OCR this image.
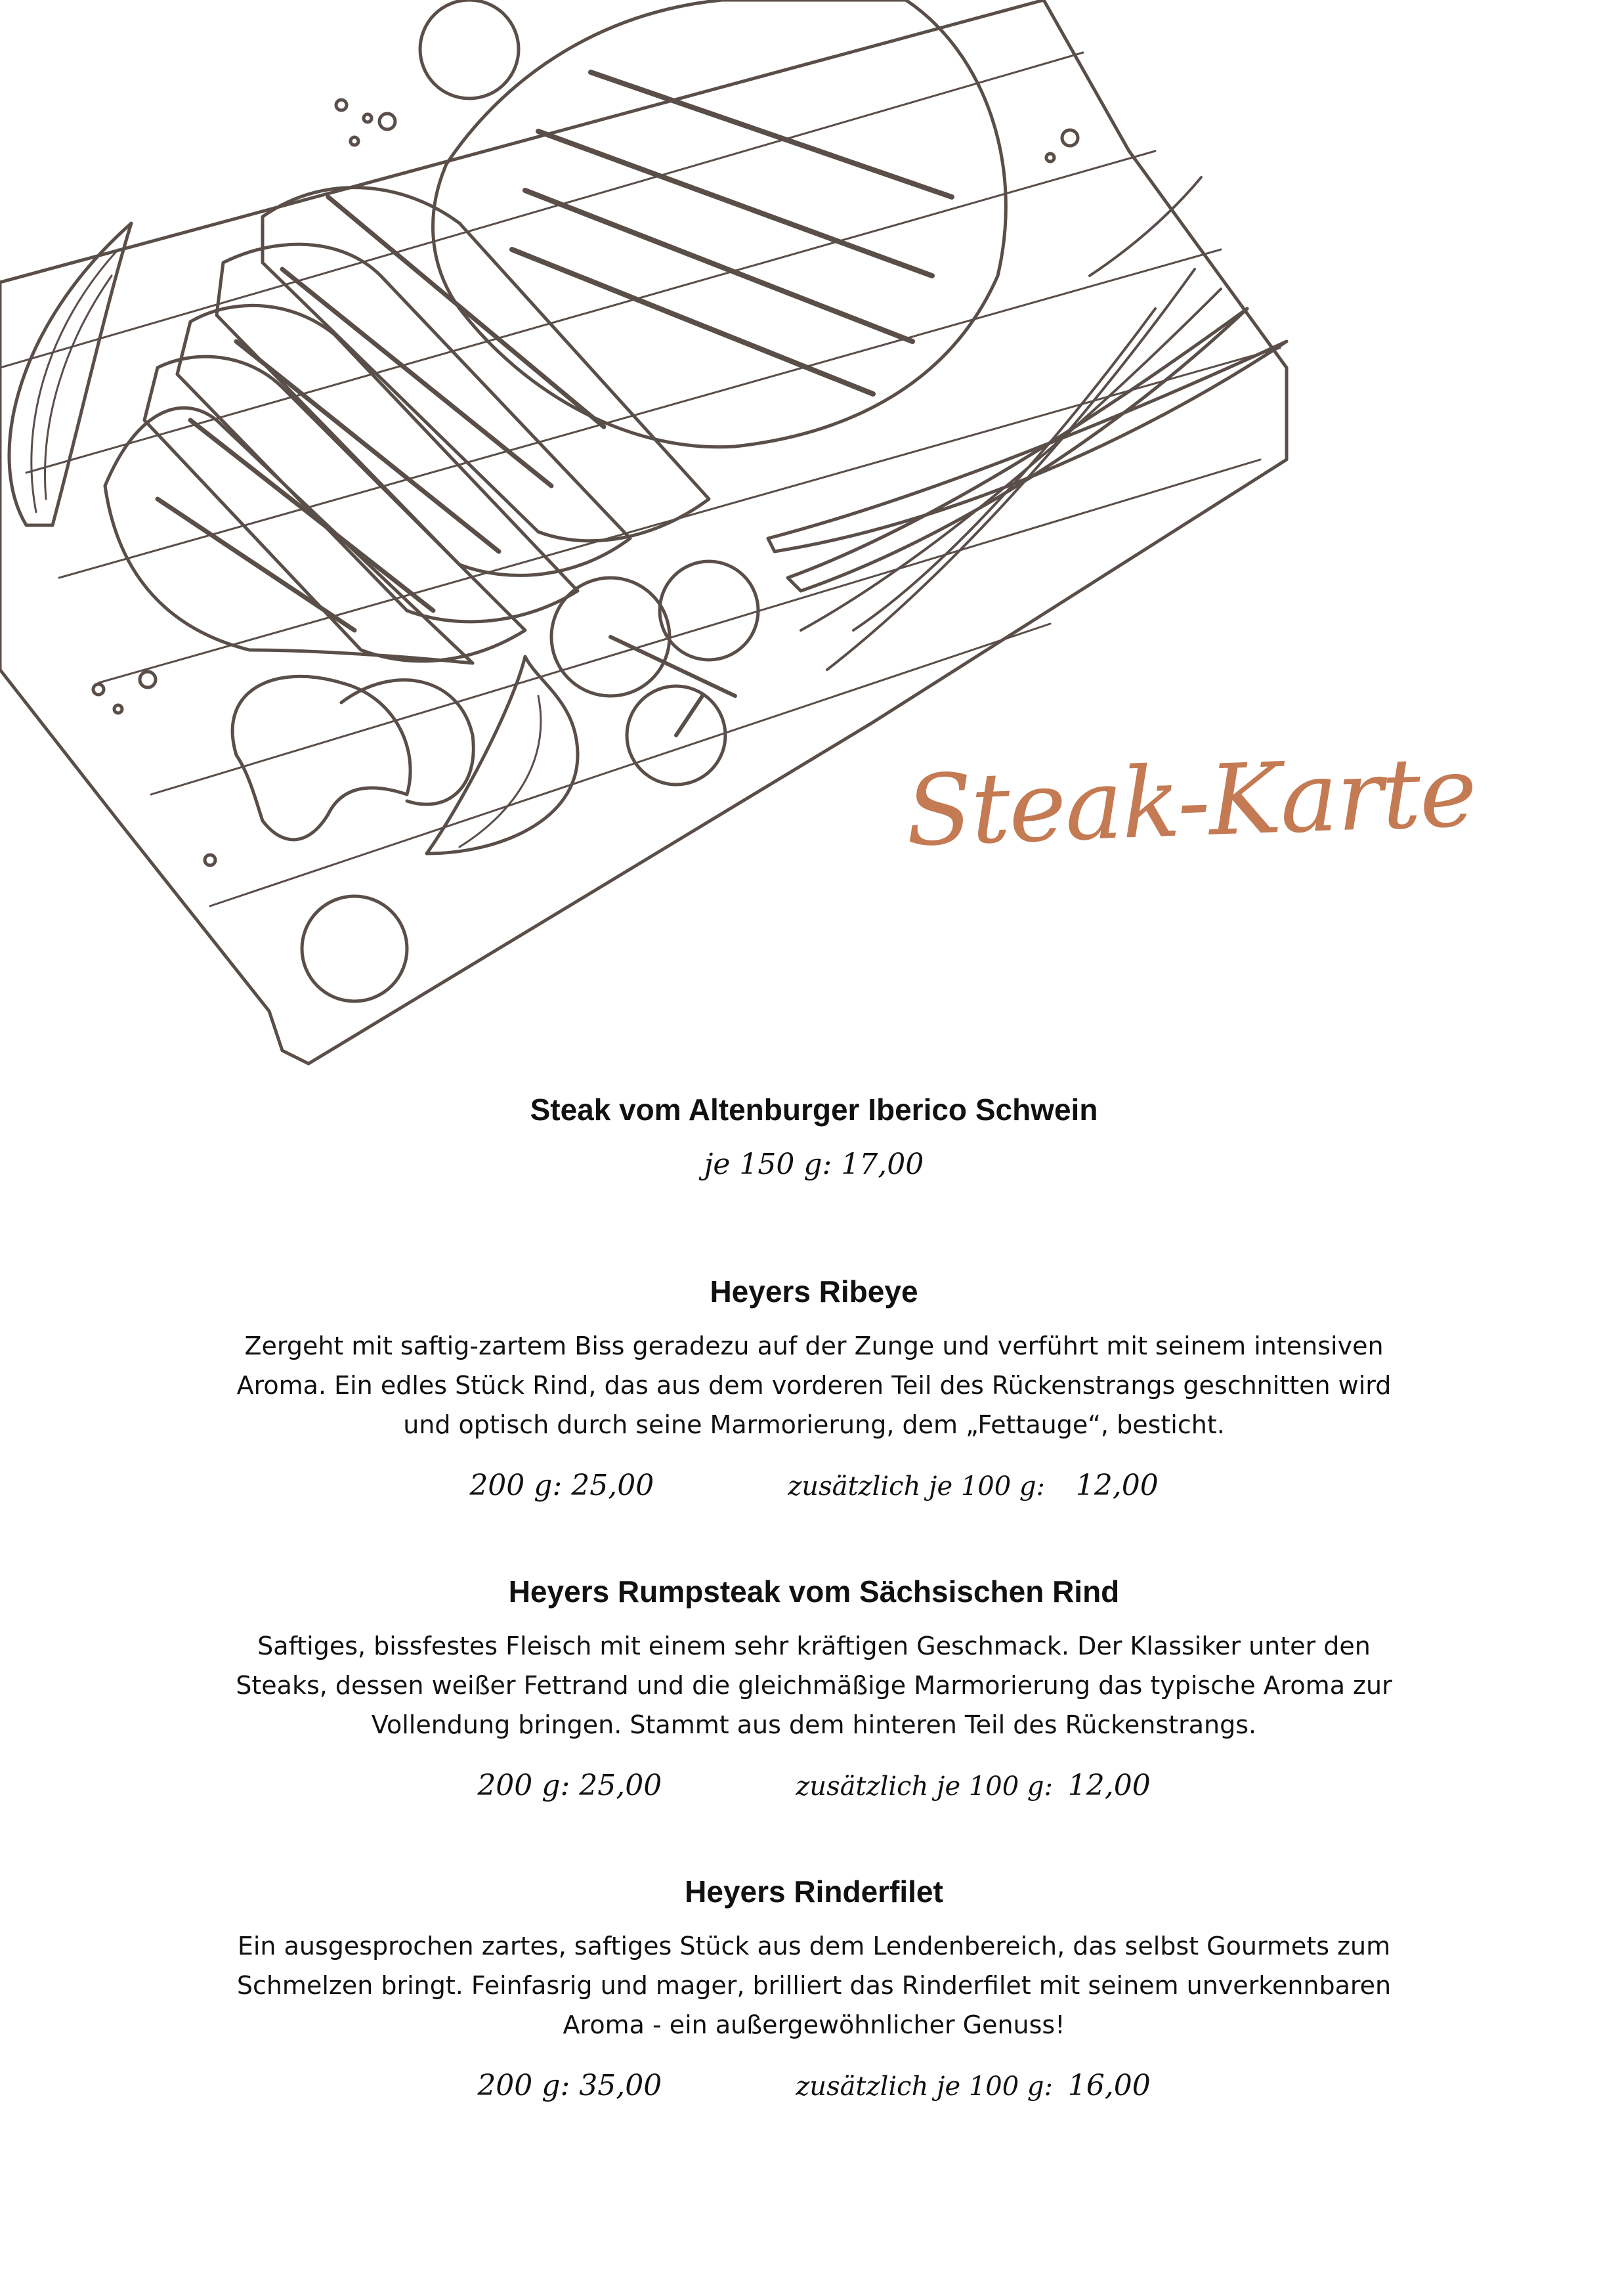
Steak-Karte
Steak vom Altenburger Iberico Schwein
je 150 g: 17,00
Heyers Ribeye
Zergeht mit saftig-zartem Biss geradezu auf der Zunge und verführt mit seinem intensiven Aroma. Ein edles Stück Rind, das aus dem vorderen Teil des Rückenstrangs geschnitten wird und optisch durch seine Marmorierung, dem „Fettauge“, besticht.
200 g: 25,00	zusätzlich je 100 g: 12,00
Heyers Rumpsteak vom Sächsischen Rind
Saftiges, bissfestes Fleisch mit einem sehr kräftigen Geschmack. Der Klassiker unter den Steaks, dessen weißer Fettrand und die gleichmäßige Marmorierung das typische Aroma zur Vollendung bringen. Stammt aus dem hinteren Teil des Rückenstrangs.
200 g: 25,00	zusätzlich je 100 g: 12,00
Heyers Rinderfilet
Ein ausgesprochen zartes, saftiges Stück aus dem Lendenbereich, das selbst Gourmets zum Schmelzen bringt. Feinfasrig und mager, brilliert das Rinderfilet mit seinem unverkennbaren Aroma - ein außergewöhnlicher Genuss!
200 g: 35,00	zusätzlich je 100 g: 16,00
